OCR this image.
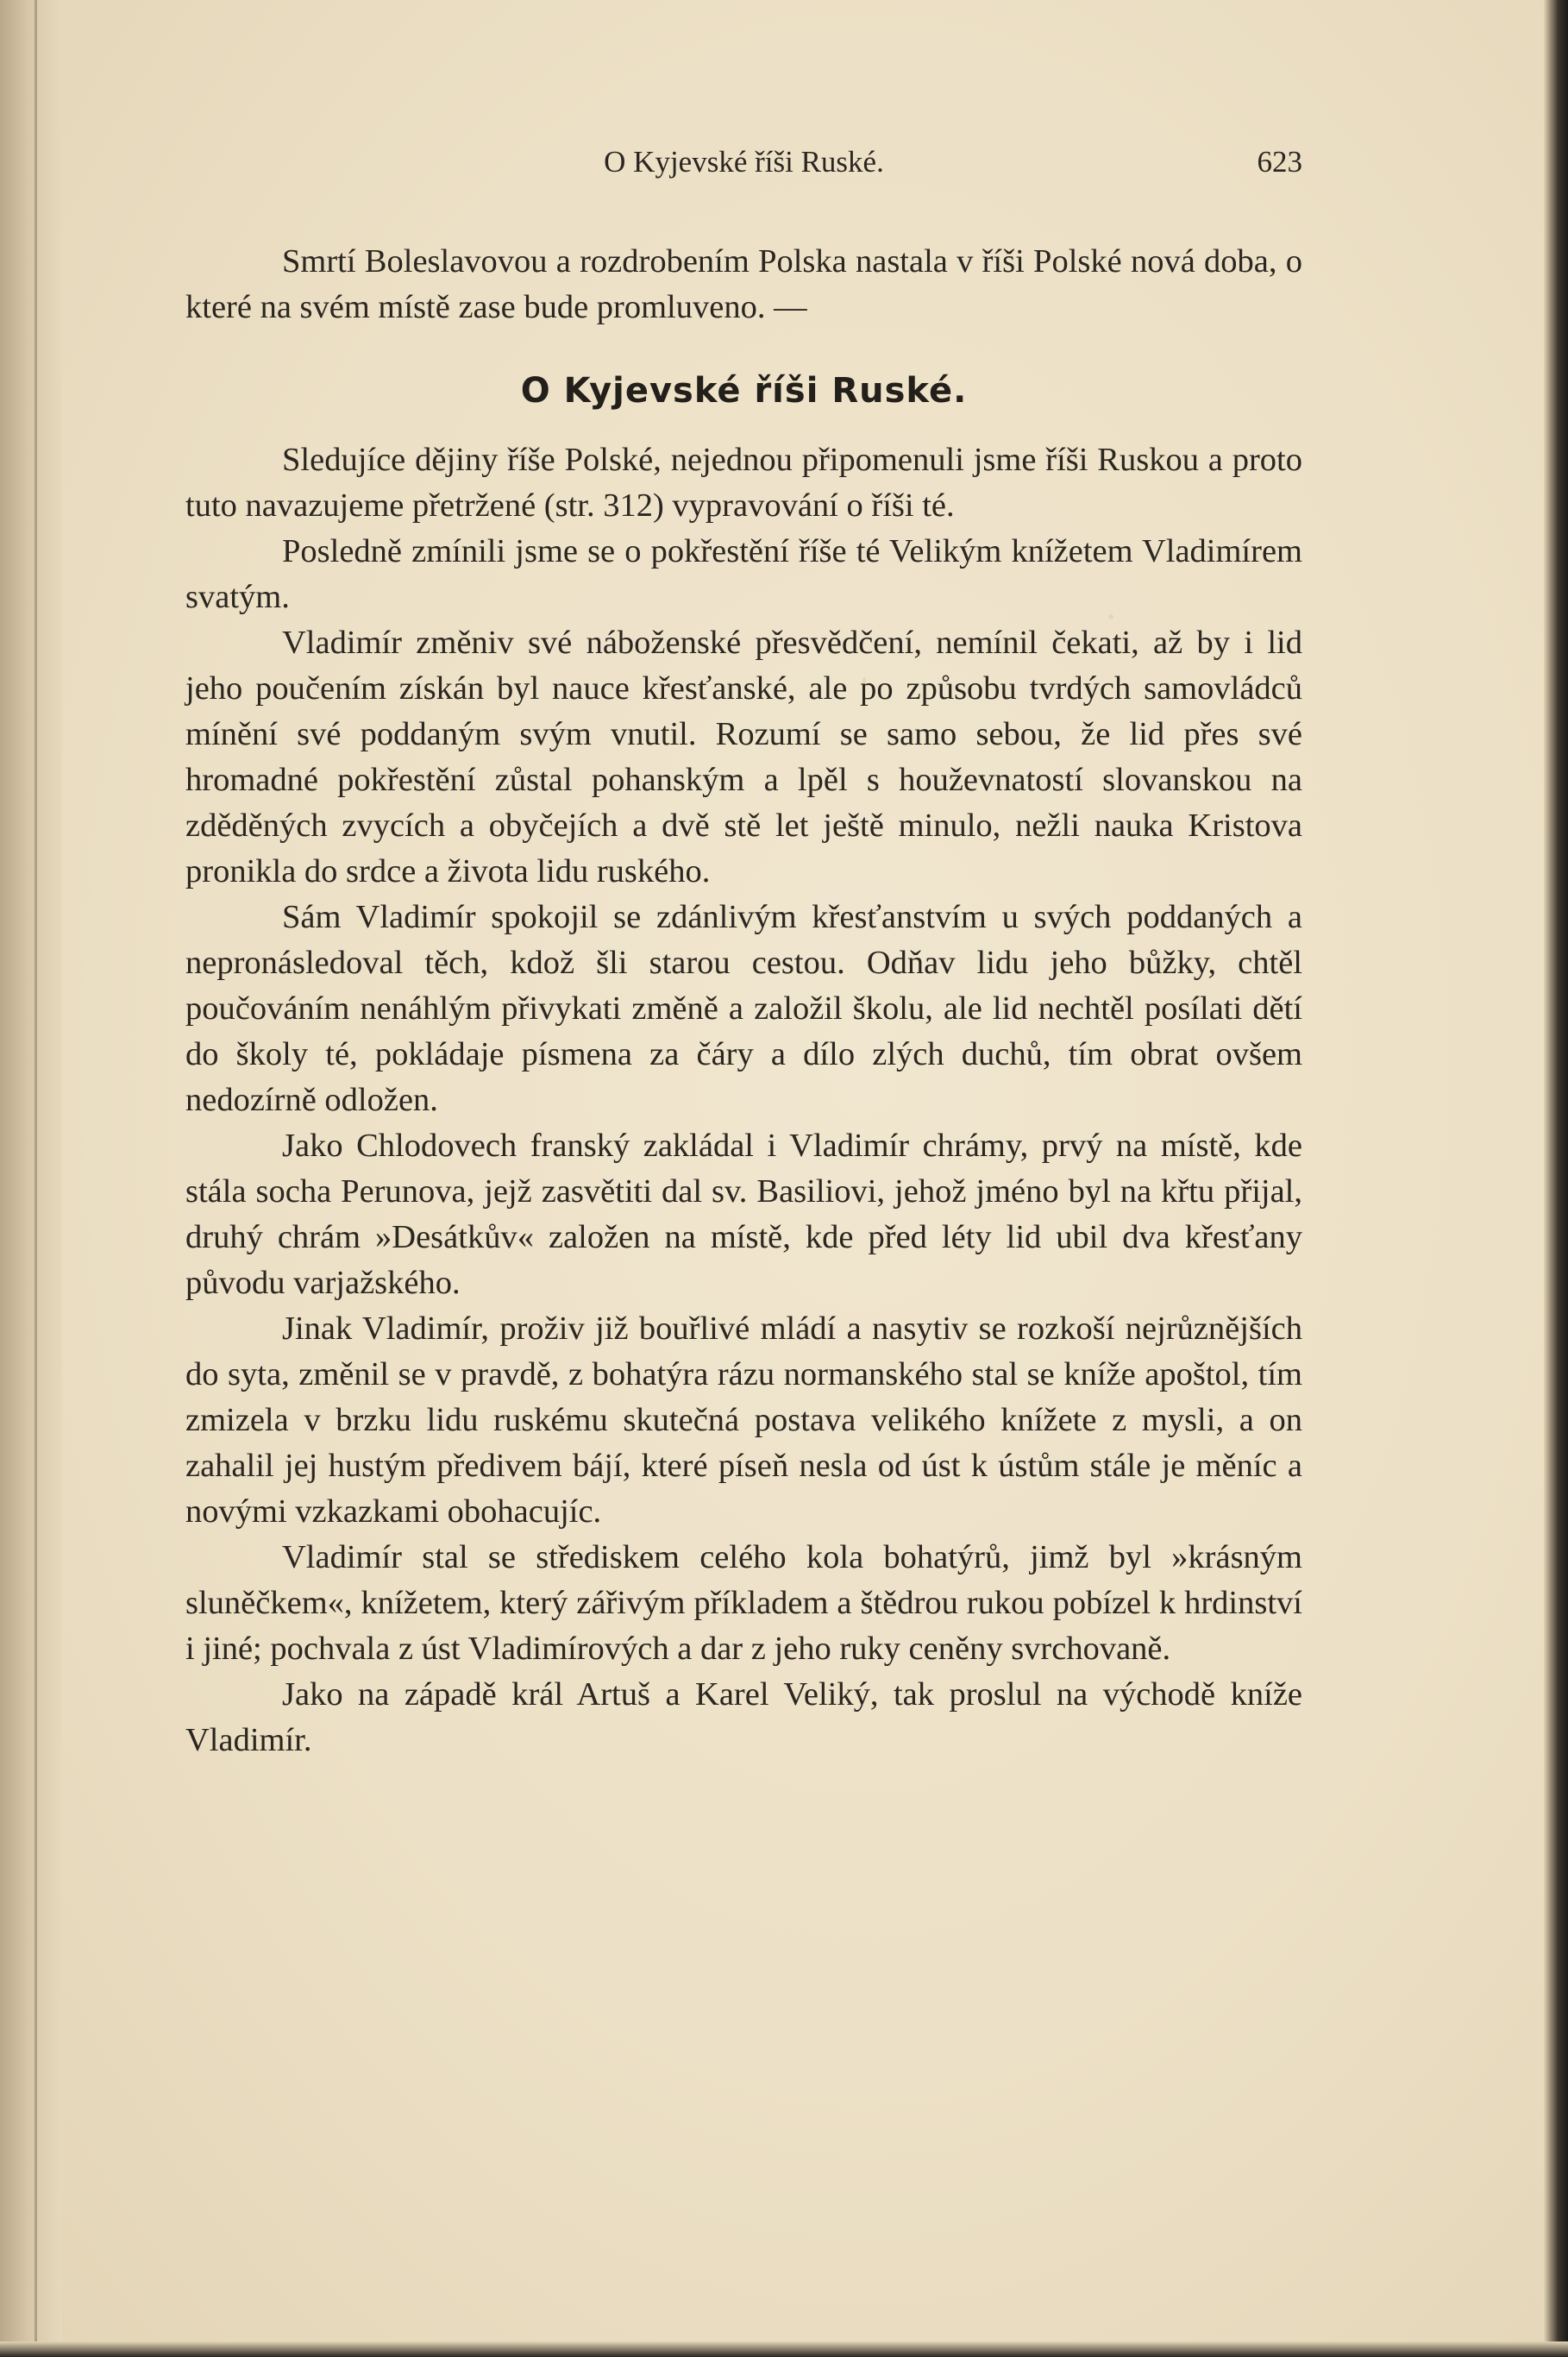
O Kyjevské říši Ruské.	623

Smrtí Boleslavovou a rozdrobením Polska nastala v říši Polské nová doba, o které na svém místě zase bude promluveno. —

O Kyjevské říši Ruské.

Sledujíce dějiny říše Polské, nejednou připomenuli jsme říši Ruskou a proto tuto navazujeme přetržené (str. 312) vypravování o říši té.

Posledně zmínili jsme se o pokřestění říše té Velikým knížetem Vladimírem svatým.

Vladimír změniv své náboženské přesvědčení, nemínil čekati, až by i lid jeho poučením získán byl nauce křesťanské, ale po způsobu tvrdých samovládců mínění své poddaným svým vnutil. Rozumí se samo sebou, že lid přes své hromadné pokřestění zůstal pohanským a lpěl s houževnatostí slovanskou na zděděných zvycích a obyčejích a dvě stě let ještě minulo, nežli nauka Kristova pronikla do srdce a života lidu ruského.

Sám Vladimír spokojil se zdánlivým křesťanstvím u svých poddaných a nepronásledoval těch, kdož šli starou cestou. Odňav lidu jeho bůžky, chtěl poučováním nenáhlým přivykati změně a založil školu, ale lid nechtěl posílati dětí do školy té, pokládaje písmena za čáry a dílo zlých duchů, tím obrat ovšem nedozírně odložen.

Jako Chlodovech franský zakládal i Vladimír chrámy, prvý na místě, kde stála socha Perunova, jejž zasvětiti dal sv. Basiliovi, jehož jméno byl na křtu přijal, druhý chrám »Desátkův« založen na místě, kde před léty lid ubil dva křesťany původu varjažského.

Jinak Vladimír, proživ již bouřlivé mládí a nasytiv se rozkoší nejrůznějších do syta, změnil se v pravdě, z bohatýra rázu normanského stal se kníže apoštol, tím zmizela v brzku lidu ruskému skutečná postava velikého knížete z mysli, a on zahalil jej hustým předivem bájí, které píseň nesla od úst k ústům stále je měníc a novými vzkazkami obohacujíc.

Vladimír stal se střediskem celého kola bohatýrů, jimž byl »krásným sluněčkem«, knížetem, který zářivým příkladem a štědrou rukou pobízel k hrdinství i jiné; pochvala z úst Vladimírových a dar z jeho ruky ceněny svrchovaně.

Jako na západě král Artuš a Karel Veliký, tak proslul na východě kníže Vladimír.
